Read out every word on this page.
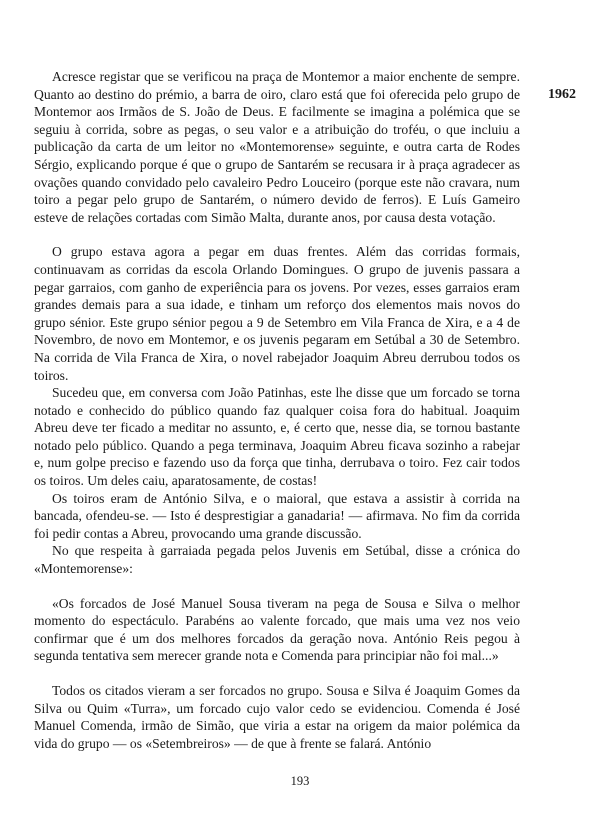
1962

Acresce registar que se verificou na praça de Montemor a maior enchente de sempre. Quanto ao destino do prémio, a barra de oiro, claro está que foi oferecida pelo grupo de Montemor aos Irmãos de S. João de Deus. E facilmente se imagina a polémica que se seguiu à corrida, sobre as pegas, o seu valor e a atribuição do troféu, o que incluiu a publicação da carta de um leitor no «Montemorense» seguinte, e outra carta de Rodes Sérgio, explicando porque é que o grupo de Santarém se recusara ir à praça agradecer as ovações quando convidado pelo cavaleiro Pedro Louceiro (porque este não cravara, num toiro a pegar pelo grupo de Santarém, o número devido de ferros). E Luís Gameiro esteve de relações cortadas com Simão Malta, durante anos, por causa desta votação.

O grupo estava agora a pegar em duas frentes. Além das corridas formais, continuavam as corridas da escola Orlando Domingues. O grupo de juvenis passara a pegar garraios, com ganho de experiência para os jovens. Por vezes, esses garraios eram grandes demais para a sua idade, e tinham um reforço dos elementos mais novos do grupo sénior. Este grupo sénior pegou a 9 de Setembro em Vila Franca de Xira, e a 4 de Novembro, de novo em Montemor, e os juvenis pegaram em Setúbal a 30 de Setembro. Na corrida de Vila Franca de Xira, o novel rabejador Joaquim Abreu derrubou todos os toiros.

Sucedeu que, em conversa com João Patinhas, este lhe disse que um forcado se torna notado e conhecido do público quando faz qualquer coisa fora do habitual. Joaquim Abreu deve ter ficado a meditar no assunto, e, é certo que, nesse dia, se tornou bastante notado pelo público. Quando a pega terminava, Joaquim Abreu ficava sozinho a rabejar e, num golpe preciso e fazendo uso da força que tinha, derrubava o toiro. Fez cair todos os toiros. Um deles caiu, aparatosamente, de costas!

Os toiros eram de António Silva, e o maioral, que estava a assistir à corrida na bancada, ofendeu-se. — Isto é desprestigiar a ganadaria! — afirmava. No fim da corrida foi pedir contas a Abreu, provocando uma grande discussão.

No que respeita à garraiada pegada pelos Juvenis em Setúbal, disse a crónica do «Montemorense»:

«Os forcados de José Manuel Sousa tiveram na pega de Sousa e Silva o melhor momento do espectáculo. Parabéns ao valente forcado, que mais uma vez nos veio confirmar que é um dos melhores forcados da geração nova. António Reis pegou à segunda tentativa sem merecer grande nota e Comenda para principiar não foi mal...»

Todos os citados vieram a ser forcados no grupo. Sousa e Silva é Joaquim Gomes da Silva ou Quim «Turra», um forcado cujo valor cedo se evidenciou. Comenda é José Manuel Comenda, irmão de Simão, que viria a estar na origem da maior polémica da vida do grupo — os «Setembreiros» — de que à frente se falará. António

193
